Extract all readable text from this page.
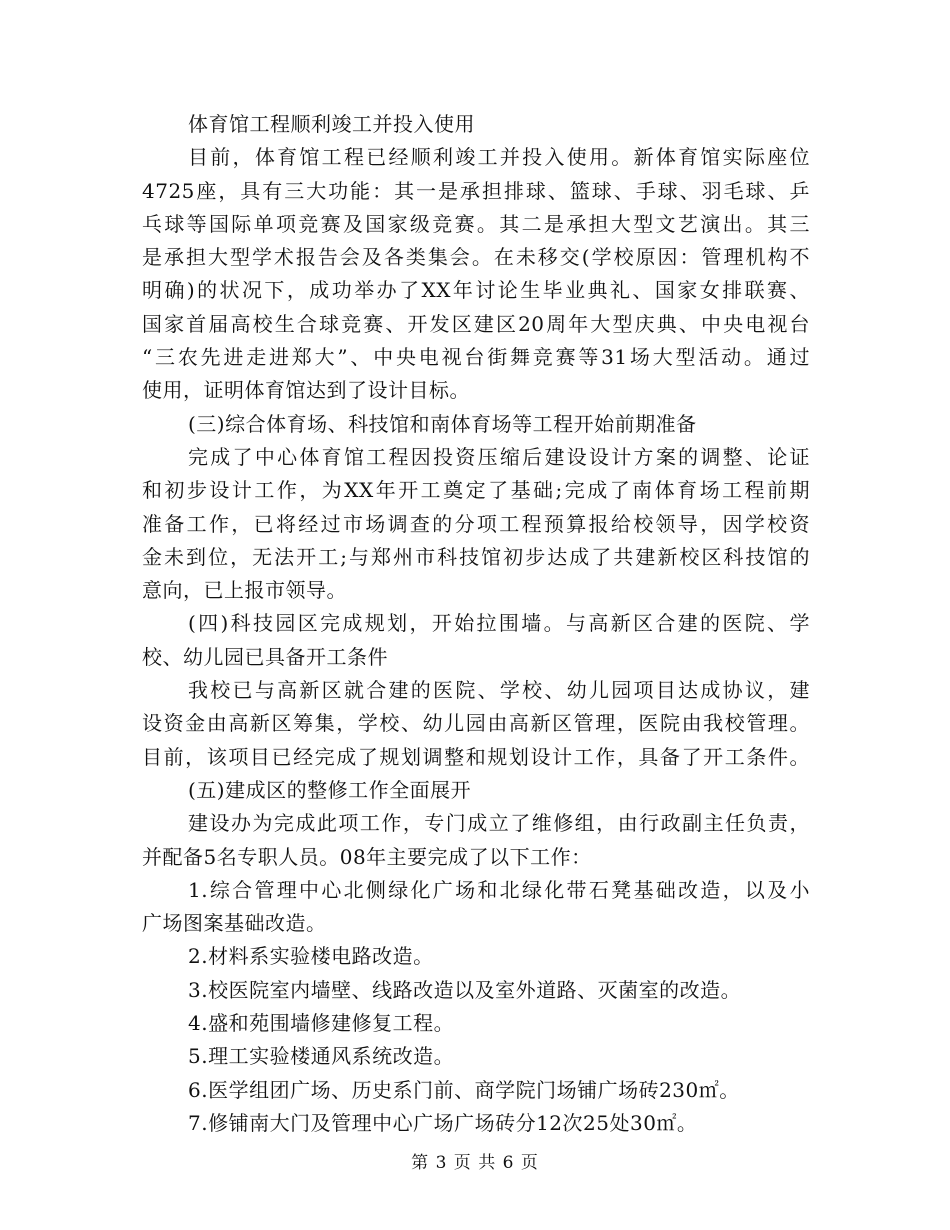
体育馆工程顺利竣工并投入使用
目前，体育馆工程已经顺利竣工并投入使用。新体育馆实际座位
4725座，具有三大功能：其一是承担排球、篮球、手球、羽毛球、乒
乓球等国际单项竞赛及国家级竞赛。其二是承担大型文艺演出。其三
是承担大型学术报告会及各类集会。在未移交(学校原因：管理机构不
明确)的状况下，成功举办了XX年讨论生毕业典礼、国家女排联赛、
国家首届高校生合球竞赛、开发区建区20周年大型庆典、中央电视台
“三农先进走进郑大”、中央电视台街舞竞赛等31场大型活动。通过
使用，证明体育馆达到了设计目标。
(三)综合体育场、科技馆和南体育场等工程开始前期准备
完成了中心体育馆工程因投资压缩后建设设计方案的调整、论证
和初步设计工作，为XX年开工奠定了基础;完成了南体育场工程前期
准备工作，已将经过市场调查的分项工程预算报给校领导，因学校资
金未到位，无法开工;与郑州市科技馆初步达成了共建新校区科技馆的
意向，已上报市领导。
(四)科技园区完成规划，开始拉围墙。与高新区合建的医院、学
校、幼儿园已具备开工条件
我校已与高新区就合建的医院、学校、幼儿园项目达成协议，建
设资金由高新区筹集，学校、幼儿园由高新区管理，医院由我校管理。
目前，该项目已经完成了规划调整和规划设计工作，具备了开工条件。
(五)建成区的整修工作全面展开
建设办为完成此项工作，专门成立了维修组，由行政副主任负责，
并配备5名专职人员。08年主要完成了以下工作：
1.综合管理中心北侧绿化广场和北绿化带石凳基础改造，以及小
广场图案基础改造。
2.材料系实验楼电路改造。
3.校医院室内墙壁、线路改造以及室外道路、灭菌室的改造。
4.盛和苑围墙修建修复工程。
5.理工实验楼通风系统改造。
6.医学组团广场、历史系门前、商学院门场铺广场砖230㎡。
7.修铺南大门及管理中心广场广场砖分12次25处30㎡。
第 3 页 共 6 页
